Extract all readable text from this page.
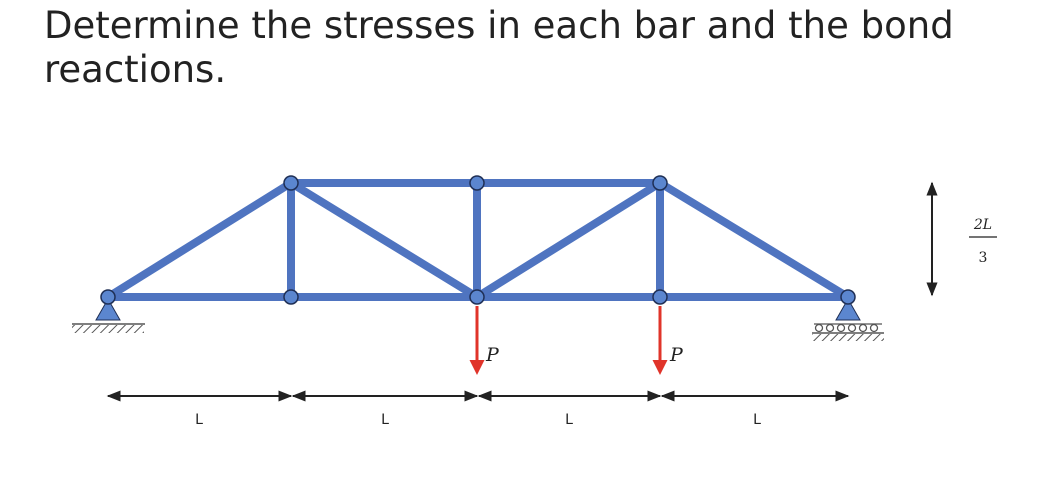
Determine the stresses in each bar and the bond reactions.
P	P
L	L	L	L
2L
3
